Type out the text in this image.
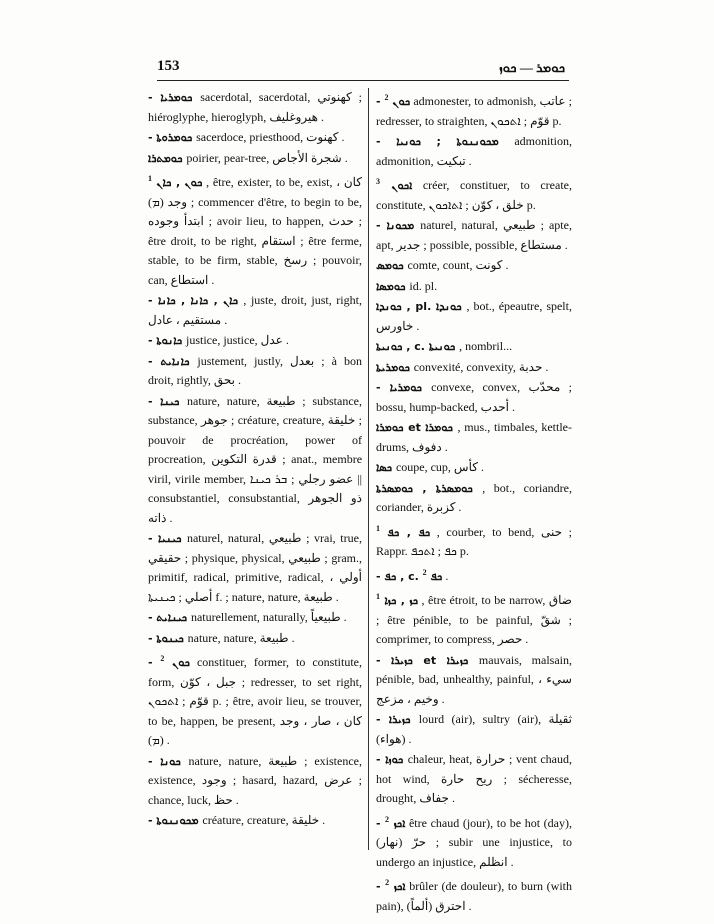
153	ܟܘܡܪ — ܟܘܙ
- ܟܘܡܪܝܐ sacerdotal, sacerdotal, كهنوتي ; hiéroglyphe, hieroglyph, هيروغليف .
- ܟܘܡܪܘܬܐ sacerdoce, priesthood, كهنوت .
ܟܘܡܬܪܐ poirier, pear-tree, شجرة الأجاص .
ܟܘܢ , ܟܐܢ $^1$	, être, exister, to be, exist, كان ، وجد (ܡ) ; commencer d'être, to begin to be, ابتدأ وجوده ; avoir lieu, to happen, حدث ; être droit, to be right, استقام ; être ferme, stable, to be firm, stable, رسخ ; pouvoir, can, استطاع .
- ܟܐܢ , ܟܐܢܐ , ܟܐܢܐ , juste, droit, just, right, مستقيم ، عادل .
- ܟܐܢܘܬܐ justice, justice, عدل .
- ܟܐܢܐܝܬ justement, justly, بعدل ; à bon droit, rightly, بحق .
- ܟܝܢܐ nature, nature, طبيعة ; substance, substance, جوهر ; créature, creature, خليقة ; pouvoir de procréation, power of procreation, قدرة التكوين ; anat., membre viril, virile member, عضو رجلي ; ܒܪ ܟܝܢܐ || consubstantiel, consubstantial, ذو الجوهر ذاته .
- ܟܝܢܝܐ naturel, natural, طبيعي ; vrai, true, حقيقي ; physique, physical, طبيعي ; gram., primitif, radical, primitive, radical, أولي ، أصلي ; ܟܝܢܝܬܐ f. ; nature, nature, طبيعة .
- ܟܝܢܐܝܬ naturellement, naturally, طبيعياً .
- ܟܝܢܘܬܐ nature, nature, طبيعة .
- ܟܘܢ $^2$	constituer, former, to constitute, form, جبل ، كوّن ; redresser, to set right, قوّم ; ܐܬܟܘܢ p. ; être, avoir lieu, se trouver, to be, happen, be present, كان ، صار ، وجد (ܡ) .
- ܟܘܢܐ nature, nature, طبيعة ; existence, existence, وجود ; hasard, hazard, عرض ; chance, luck, حظ .
- ܡܟܘܢܢܘܬܐ créature, creature, خليقة .
- ܟܘܢ $^2$ admonester, to admonish, عاتب ; redresser, to straighten, قوّم ; ܐܬܟܘܢ p.
- ܡܟܘܢܢܘܬܐ ; ܟܘܢܝܐ admonition, admonition, تبكيت .
ܐܟܘܢ $^3$	créer, constituer, to create, constitute, خلق ، كوّن ; ܐܬܐܟܘܢ p.
- ܡܟܘܢܐ naturel, natural, طبيعي ; apte, apt, جدير ; possible, possible, مستطاع .
ܟܘܡܣ comte, count, كونت .
ܟܘܡܣܐ id. pl.
ܟܘܢܕܐ , pl. ܟܘܢܕܐ , bot., épeautre, spelt, خاورس .
ܟܘܢܝܬܐ , c. ܟܘܢܝܬܐ , nombril...
ܟܘܡܪܝܬܐ convexité, convexity, حدبة .
- ܟܘܡܪܝܐ convexe, convex, محدّب ; bossu, hump-backed, أحدب .
ܟܘܡܪܐ et ܟܘܡܪܐ , mus., timbales, kettle-drums, دفوف .
ܟܣܐ coupe, cup, كأس .
ܟܘܡܣܪܬܐ , ܟܘܡܣܪܬܐ , bot., coriandre, coriander, كزبرة .
ܟܦ , ܟܦ $^1$	, courber, to bend, حنى ; Rappr. ܟܦ ; ܐܬܟܦ p.
- ܟܦ , c. ܟܦ $^2$ .
ܟܙ , ܟܙܐ $^1$	, être étroit, to be narrow, ضاق ; être pénible, to be painful, شقّ ; comprimer, to compress, حصر .
- ܟܙܝܪܐ et ܟܙܝܪܐ mauvais, malsain, pénible, bad, unhealthy, painful, سيء ، وخيم ، مزعج .
- ܟܙܝܪܐ lourd (air), sultry (air), ثقيلة (هواء) .
- ܟܘܙܐ chaleur, heat, حرارة ; vent chaud, hot wind, ريح حارة ; sécheresse, drought, جفاف .
- ܐܟܙ $^2$ être chaud (jour), to be hot (day), حرّ (نهار) ; subir une injustice, to undergo an injustice, انظلم .
- ܐܟܙ $^2$ brûler (de douleur), to burn (with pain), احترق (ألماً) .
